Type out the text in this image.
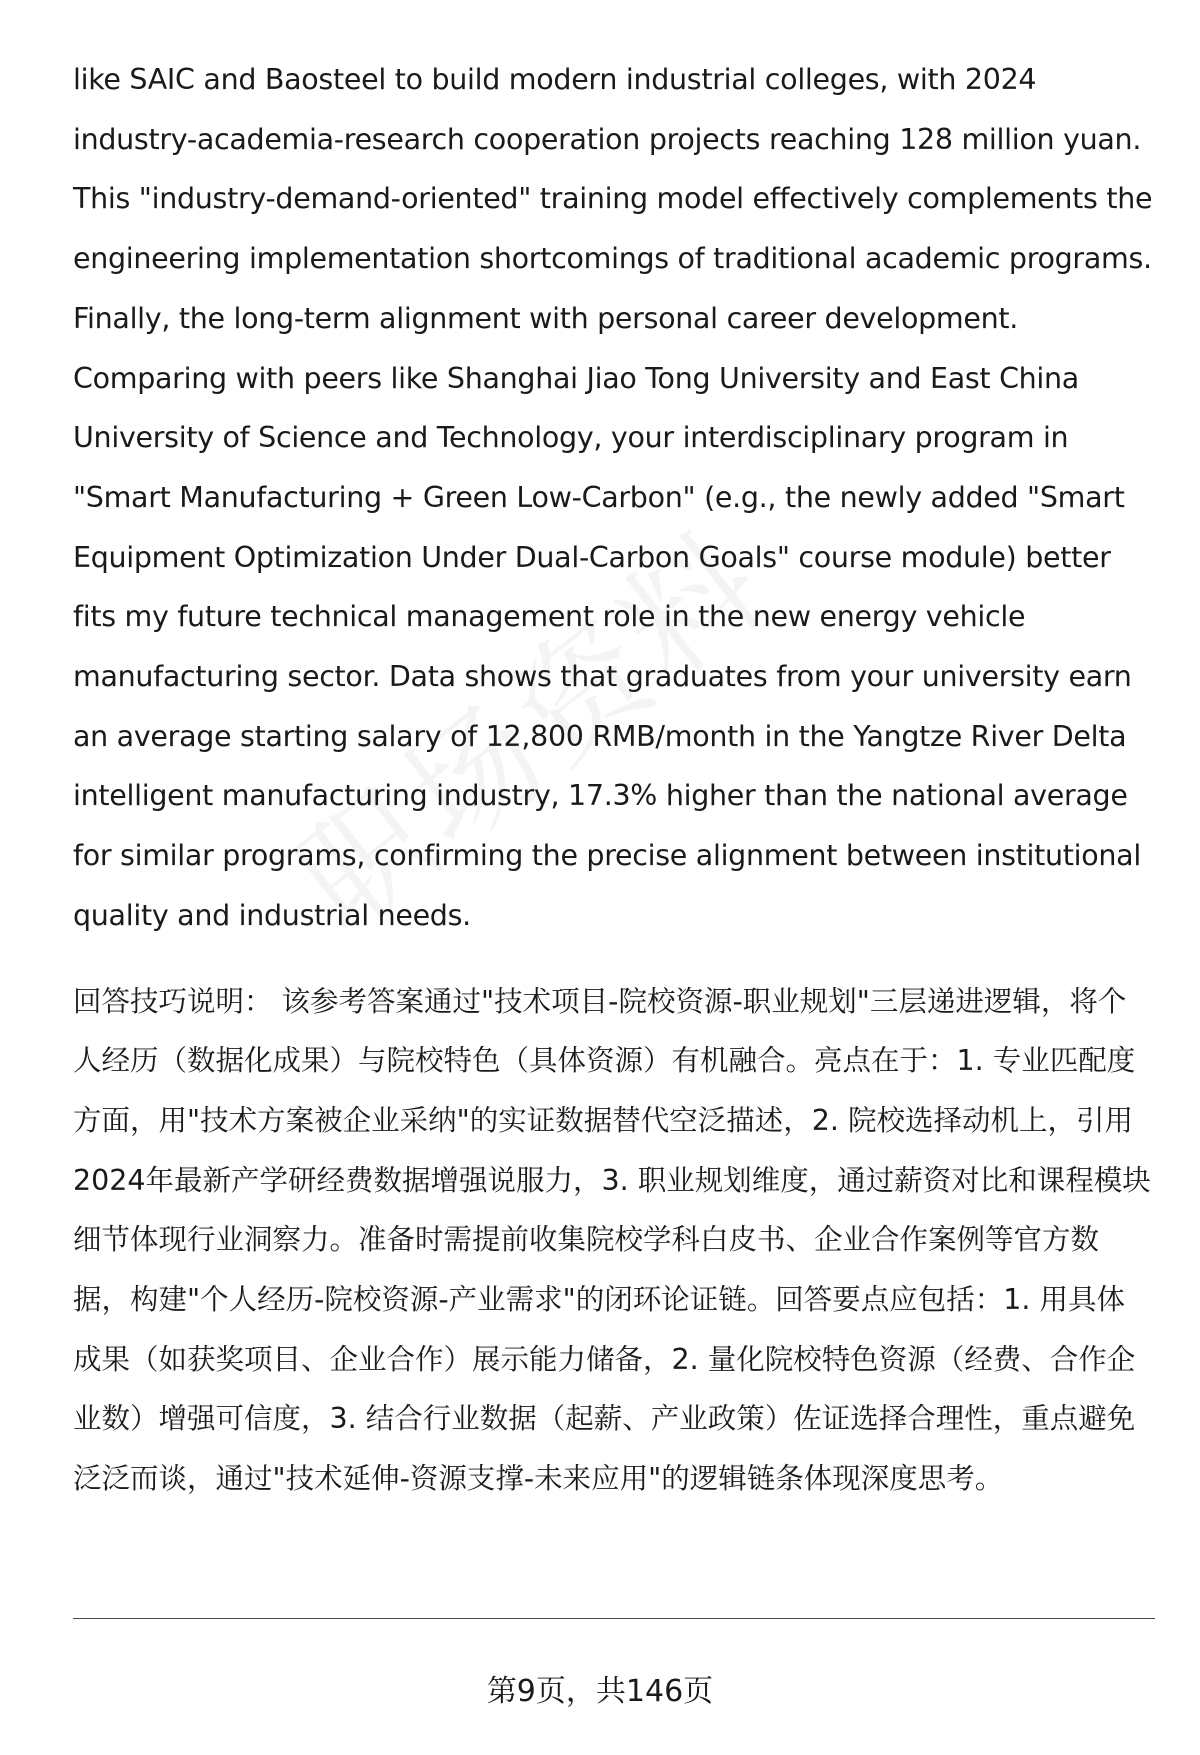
like SAIC and Baosteel to build modern industrial colleges, with 2024 industry-academia-research cooperation projects reaching 128 million yuan. This "industry-demand-oriented" training model effectively complements the engineering implementation shortcomings of traditional academic programs. Finally, the long-term alignment with personal career development. Comparing with peers like Shanghai Jiao Tong University and East China University of Science and Technology, your interdisciplinary program in "Smart Manufacturing + Green Low-Carbon" (e.g., the newly added "Smart Equipment Optimization Under Dual-Carbon Goals" course module) better fits my future technical management role in the new energy vehicle manufacturing sector. Data shows that graduates from your university earn an average starting salary of 12,800 RMB/month in the Yangtze River Delta intelligent manufacturing industry, 17.3% higher than the national average for similar programs, confirming the precise alignment between institutional quality and industrial needs.

回答技巧说明： 该参考答案通过"技术项目-院校资源-职业规划"三层递进逻辑，将个人经历（数据化成果）与院校特色（具体资源）有机融合。亮点在于：1. 专业匹配度方面，用"技术方案被企业采纳"的实证数据替代空泛描述，2. 院校选择动机上，引用2024年最新产学研经费数据增强说服力，3. 职业规划维度，通过薪资对比和课程模块细节体现行业洞察力。准备时需提前收集院校学科白皮书、企业合作案例等官方数据，构建"个人经历-院校资源-产业需求"的闭环论证链。回答要点应包括：1. 用具体成果（如获奖项目、企业合作）展示能力储备，2. 量化院校特色资源（经费、合作企业数）增强可信度，3. 结合行业数据（起薪、产业政策）佐证选择合理性，重点避免泛泛而谈，通过"技术延伸-资源支撑-未来应用"的逻辑链条体现深度思考。

第9页，共146页
